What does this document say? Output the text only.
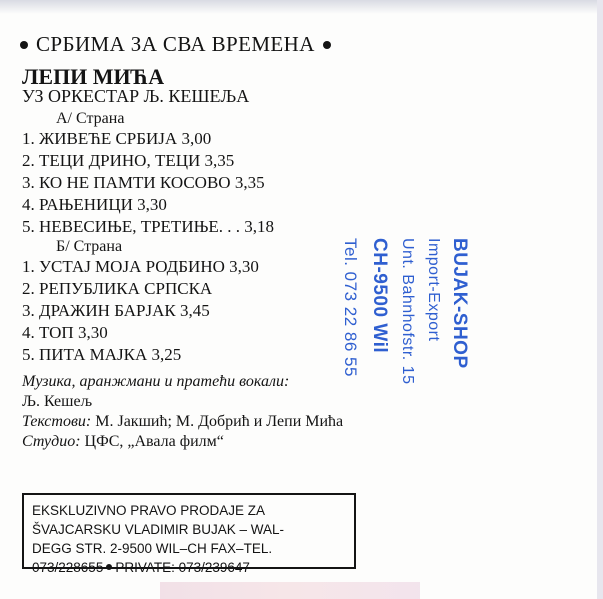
СРБИМА ЗА СВА ВРЕМЕНА
ЛЕПИ МИЋА
УЗ ОРКЕСТАР Љ. КЕШЕЉА
А/ Страна
1. ЖИВЕЋЕ СРБИЈА 3,00
2. ТЕЦИ ДРИНО, ТЕЦИ 3,35
3. КО НЕ ПАМТИ КОСОВО 3,35
4. РАЊЕНИЦИ 3,30
5. НЕВЕСИЊЕ, ТРЕТИЊЕ. . . 3,18
Б/ Страна
1. УСТАЈ МОЈА РОДБИНО 3,30
2. РЕПУБЛИКА СРПСКА
3. ДРАЖИН БАРЈАК 3,45
4. ТОП 3,30
5. ПИТА МАЈКА 3,25
Музика, аранжмани и пратећи вокали:
Љ. Кешељ
Текстови: М. Јакшић; М. Добрић и Лепи Мића
Студио: ЦФС, „Авала филм“
BUJAK-SHOP
Import-Export
Unt. Bahnhofstr. 15
CH-9500 Wil
Tel. 073 22 86 55
EKSKLUZIVNO PRAVO PRODAJE ZA
ŠVAJCARSKU VLADIMIR BUJAK – WAL-
DEGG STR. 2-9500 WIL–CH FAX–TEL.
073/228655 PRIVATE: 073/239647
